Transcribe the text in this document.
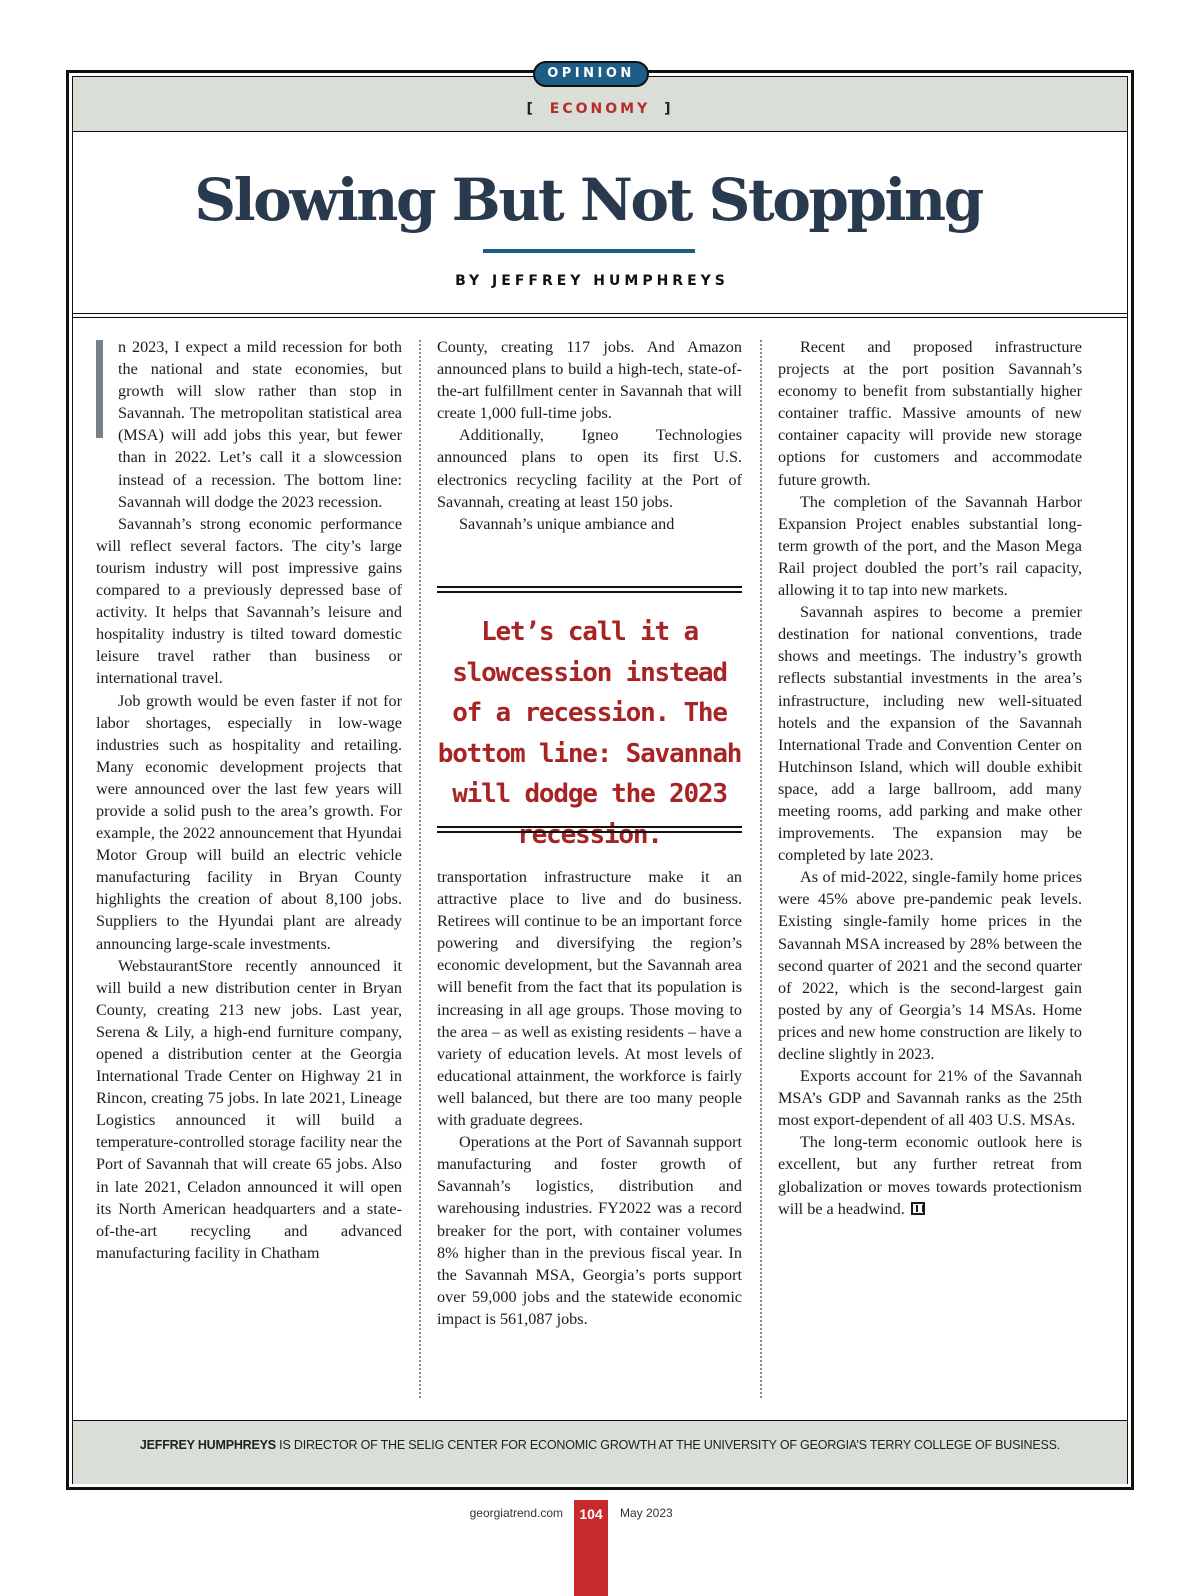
OPINION
[ ECONOMY ]
Slowing But Not Stopping
BY JEFFREY HUMPHREYS

n 2023, I expect a mild recession for both the national and state economies, but growth will slow rather than stop in Savannah. The metropolitan statistical area (MSA) will add jobs this year, but fewer than in 2022. Let’s call it a slowcession instead of a recession. The bottom line: Savannah will dodge the 2023 recession.

Savannah’s strong economic performance will reflect several factors. The city’s large tourism industry will post impressive gains compared to a previously depressed base of activity. It helps that Savannah’s leisure and hospitality industry is tilted toward domestic leisure travel rather than business or international travel.

Job growth would be even faster if not for labor shortages, especially in low-wage industries such as hospitality and retailing. Many economic development projects that were announced over the last few years will provide a solid push to the area’s growth. For example, the 2022 announcement that Hyundai Motor Group will build an electric vehicle manufacturing facility in Bryan County highlights the creation of about 8,100 jobs. Suppliers to the Hyundai plant are already announcing large-scale investments.

WebstaurantStore recently announced it will build a new distribution center in Bryan County, creating 213 new jobs. Last year, Serena & Lily, a high-end furniture company, opened a distribution center at the Georgia International Trade Center on Highway 21 in Rincon, creating 75 jobs. In late 2021, Lineage Logistics announced it will build a temperature-controlled storage facility near the Port of Savannah that will create 65 jobs. Also in late 2021, Celadon announced it will open its North American headquarters and a state-of-the-art recycling and advanced manufacturing facility in Chatham

County, creating 117 jobs. And Amazon announced plans to build a high-tech, state-of-the-art fulfillment center in Savannah that will create 1,000 full-time jobs.

Additionally, Igneo Technologies announced plans to open its first U.S. electronics recycling facility at the Port of Savannah, creating at least 150 jobs.

Savannah’s unique ambiance and

Let’s call it a slowcession instead of a recession. The bottom line: Savannah will dodge the 2023 recession.

transportation infrastructure make it an attractive place to live and do business. Retirees will continue to be an important force powering and diversifying the region’s economic development, but the Savannah area will benefit from the fact that its population is increasing in all age groups. Those moving to the area – as well as existing residents – have a variety of education levels. At most levels of educational attainment, the workforce is fairly well balanced, but there are too many people with graduate degrees.

Operations at the Port of Savannah support manufacturing and foster growth of Savannah’s logistics, distribution and warehousing industries. FY2022 was a record breaker for the port, with container volumes 8% higher than in the previous fiscal year. In the Savannah MSA, Georgia’s ports support over 59,000 jobs and the statewide economic impact is 561,087 jobs.

Recent and proposed infrastructure projects at the port position Savannah’s economy to benefit from substantially higher container traffic. Massive amounts of new container capacity will provide new storage options for customers and accommodate future growth.

The completion of the Savannah Harbor Expansion Project enables substantial long-term growth of the port, and the Mason Mega Rail project doubled the port’s rail capacity, allowing it to tap into new markets.

Savannah aspires to become a premier destination for national conventions, trade shows and meetings. The industry’s growth reflects substantial investments in the area’s infrastructure, including new well-situated hotels and the expansion of the Savannah International Trade and Convention Center on Hutchinson Island, which will double exhibit space, add a large ballroom, add many meeting rooms, add parking and make other improvements. The expansion may be completed by late 2023.

As of mid-2022, single-family home prices were 45% above pre-pandemic peak levels. Existing single-family home prices in the Savannah MSA increased by 28% between the second quarter of 2021 and the second quarter of 2022, which is the second-largest gain posted by any of Georgia’s 14 MSAs. Home prices and new home construction are likely to decline slightly in 2023.

Exports account for 21% of the Savannah MSA’s GDP and Savannah ranks as the 25th most export-dependent of all 403 U.S. MSAs.

The long-term economic outlook here is excellent, but any further retreat from globalization or moves towards protectionism will be a headwind.

JEFFREY HUMPHREYS IS DIRECTOR OF THE SELIG CENTER FOR ECONOMIC GROWTH AT THE UNIVERSITY OF GEORGIA’S TERRY COLLEGE OF BUSINESS.
georgiatrend.com	104	May 2023
